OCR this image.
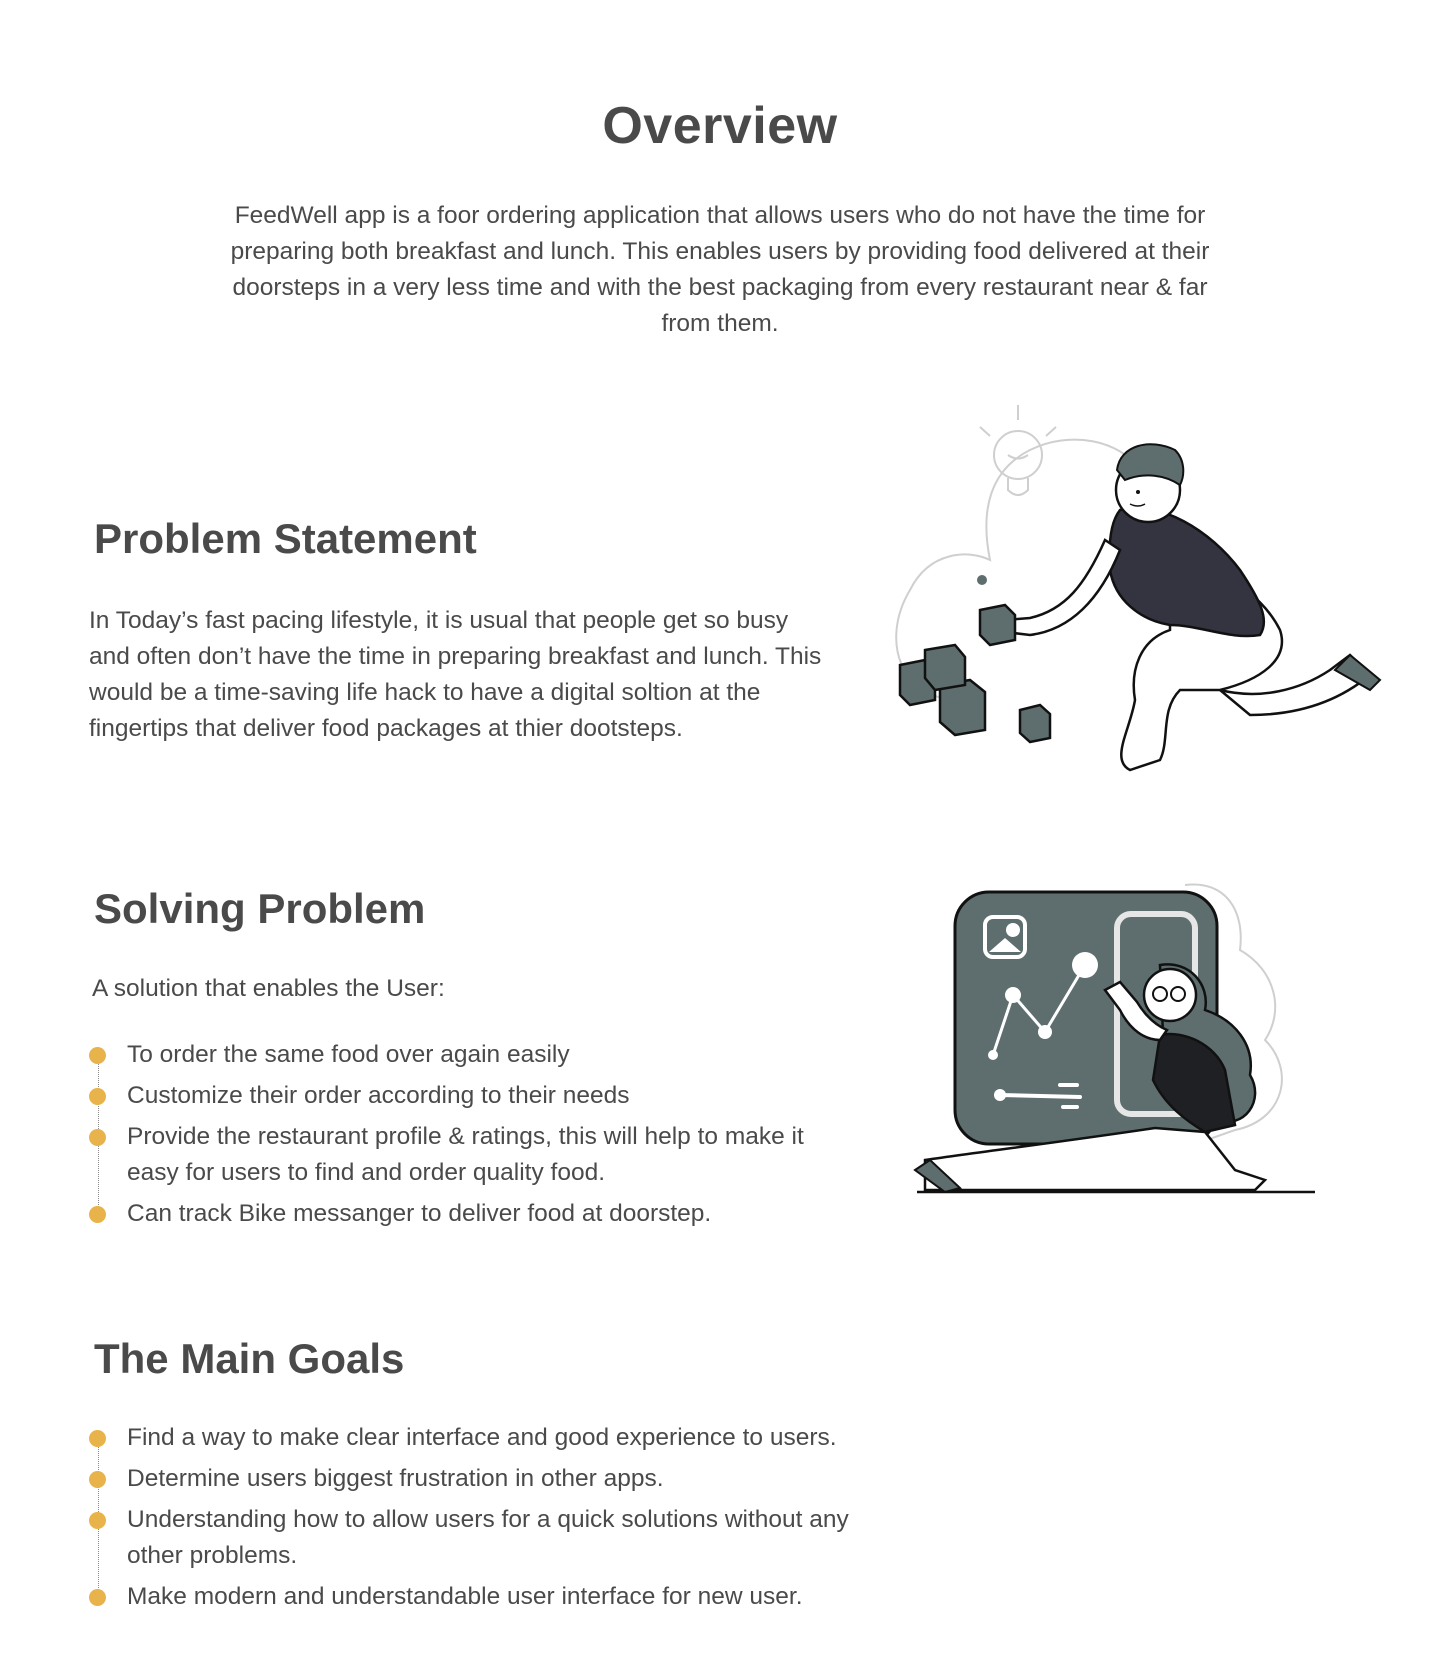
Overview

FeedWell app is a foor ordering application that allows users who do not have the time for preparing both breakfast and lunch. This enables users by providing food delivered at their doorsteps in a very less time and with the best packaging from every restaurant near & far from them.

Problem Statement

In Today’s fast pacing lifestyle, it is usual that people get so busy and often don’t have the time in preparing breakfast and lunch. This would be a time-saving life hack to have a digital soltion at the fingertips that deliver food packages at thier dootsteps.

Solving Problem

A solution that enables the User:

To order the same food over again easily
Customize their order according to their needs
Provide the restaurant profile & ratings, this will help to make it easy for users to find and order quality food.
Can track Bike messanger to deliver food at doorstep.
The Main Goals
Find a way to make clear interface and good experience to users.
Determine users biggest frustration in other apps.
Understanding how to allow users for a quick solutions without any other problems.
Make modern and understandable user interface for new user.
